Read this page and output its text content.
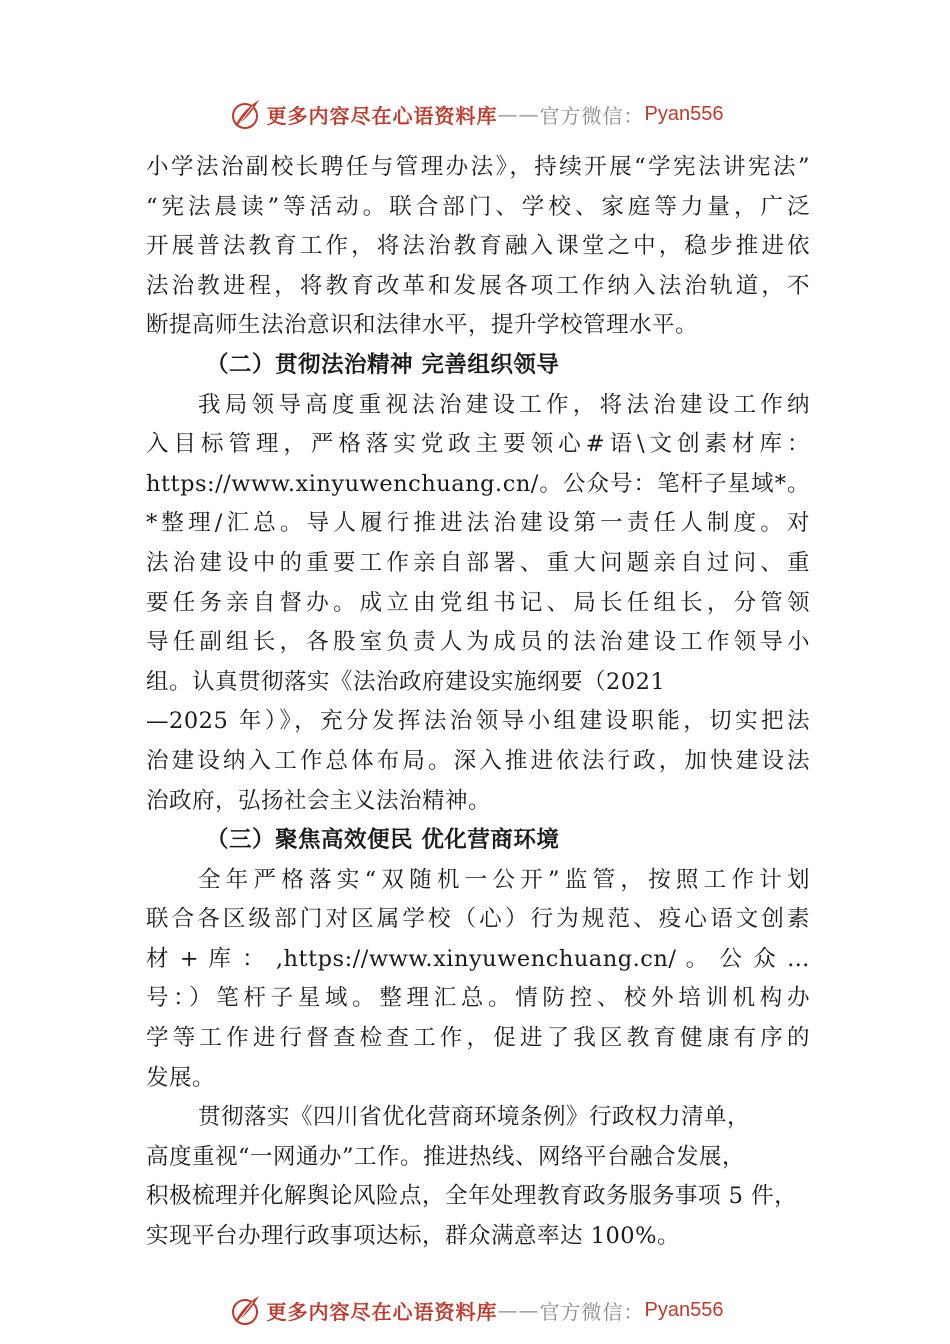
更多内容尽在心语资料库 —— 官方微信： Pyan556
小学法治副校长聘任与管理办法》，持续开展“学宪法讲宪法”
“宪法晨读”等活动。联合部门、学校、家庭等力量，广泛
开展普法教育工作，将法治教育融入课堂之中，稳步推进依
法治教进程，将教育改革和发展各项工作纳入法治轨道，不
断提高师生法治意识和法律水平，提升学校管理水平。
（二）贯彻法治精神 完善组织领导
我局领导高度重视法治建设工作，将法治建设工作纳
入目标管理，严格落实党政主要领心#语\文创素材库：
https://www.xinyuwenchuang.cn/。公众号：笔杆子星域*。
*整理/汇总。导人履行推进法治建设第一责任人制度。对
法治建设中的重要工作亲自部署、重大问题亲自过问、重
要任务亲自督办。成立由党组书记、局长任组长，分管领
导任副组长，各股室负责人为成员的法治建设工作领导小
组。认真贯彻落实《法治政府建设实施纲要（2021
—2025 年）》，充分发挥法治领导小组建设职能，切实把法
治建设纳入工作总体布局。深入推进依法行政，加快建设法
治政府，弘扬社会主义法治精神。
（三）聚焦高效便民 优化营商环境
全年严格落实“双随机一公开”监管，按照工作计划
联合各区级部门对区属学校（心）行为规范、疫心语文创素
材 + 库 ： ,https://www.xinyuwenchuang.cn/ 。 公 众 …
号：）笔杆子星域。整理汇总。情防控、校外培训机构办
学等工作进行督查检查工作，促进了我区教育健康有序的
发展。
贯彻落实《四川省优化营商环境条例》行政权力清单，
高度重视“一网通办”工作。推进热线、网络平台融合发展，
积极梳理并化解舆论风险点，全年处理教育政务服务事项 5 件，
实现平台办理行政事项达标，群众满意率达 100%。
更多内容尽在心语资料库 —— 官方微信： Pyan556
